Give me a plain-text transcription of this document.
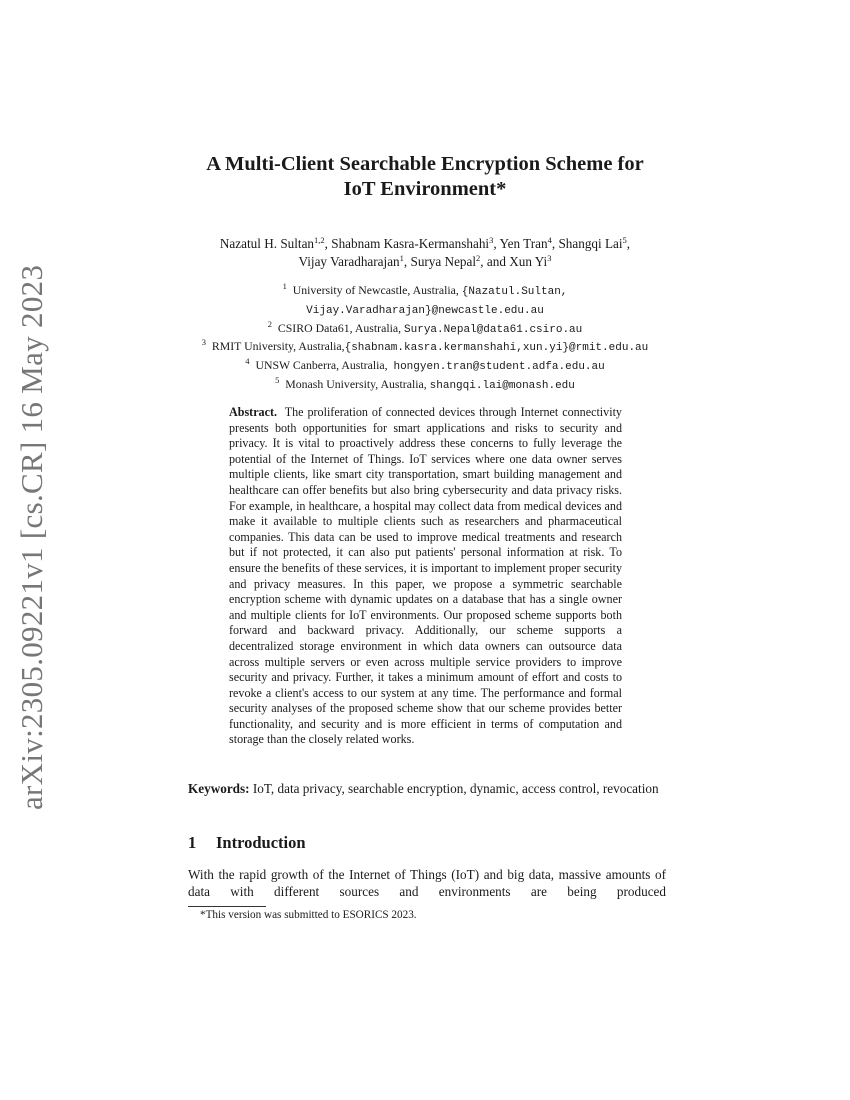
arXiv:2305.09221v1 [cs.CR] 16 May 2023
A Multi-Client Searchable Encryption Scheme for
IoT Environment*
Nazatul H. Sultan$^{1,2}$, Shabnam Kasra-Kermanshahi$^3$, Yen Tran$^4$, Shangqi Lai$^5$,
Vijay Varadharajan$^1$, Surya Nepal$^2$, and Xun Yi$^3$
$^1$ University of Newcastle, Australia, {Nazatul.Sultan,
Vijay.Varadharajan}@newcastle.edu.au
$^2$ CSIRO Data61, Australia, Surya.Nepal@data61.csiro.au
$^3$ RMIT University, Australia,{shabnam.kasra.kermanshahi,xun.yi}@rmit.edu.au
$^4$ UNSW Canberra, Australia,  hongyen.tran@student.adfa.edu.au
$^5$ Monash University, Australia, shangqi.lai@monash.edu
Abstract. The proliferation of connected devices through Internet connectivity presents both opportunities for smart applications and risks to security and privacy. It is vital to proactively address these concerns to fully leverage the potential of the Internet of Things. IoT services where one data owner serves multiple clients, like smart city transportation, smart building management and healthcare can offer benefits but also bring cybersecurity and data privacy risks. For example, in healthcare, a hospital may collect data from medical devices and make it available to multiple clients such as researchers and pharmaceutical companies. This data can be used to improve medical treatments and research but if not protected, it can also put patients' personal information at risk. To ensure the benefits of these services, it is important to implement proper security and privacy measures. In this paper, we propose a symmetric searchable encryption scheme with dynamic updates on a database that has a single owner and multiple clients for IoT environments. Our proposed scheme supports both forward and backward privacy. Additionally, our scheme supports a decentralized storage environment in which data owners can outsource data across multiple servers or even across multiple service providers to improve security and privacy. Further, it takes a minimum amount of effort and costs to revoke a client's access to our system at any time. The performance and formal security analyses of the proposed scheme show that our scheme provides better functionality, and security and is more efficient in terms of computation and storage than the closely related works.
Keywords: IoT, data privacy, searchable encryption, dynamic, access control, revocation
1 Introduction
With the rapid growth of the Internet of Things (IoT) and big data, massive amounts of data with different sources and environments are being produced
*This version was submitted to ESORICS 2023.
